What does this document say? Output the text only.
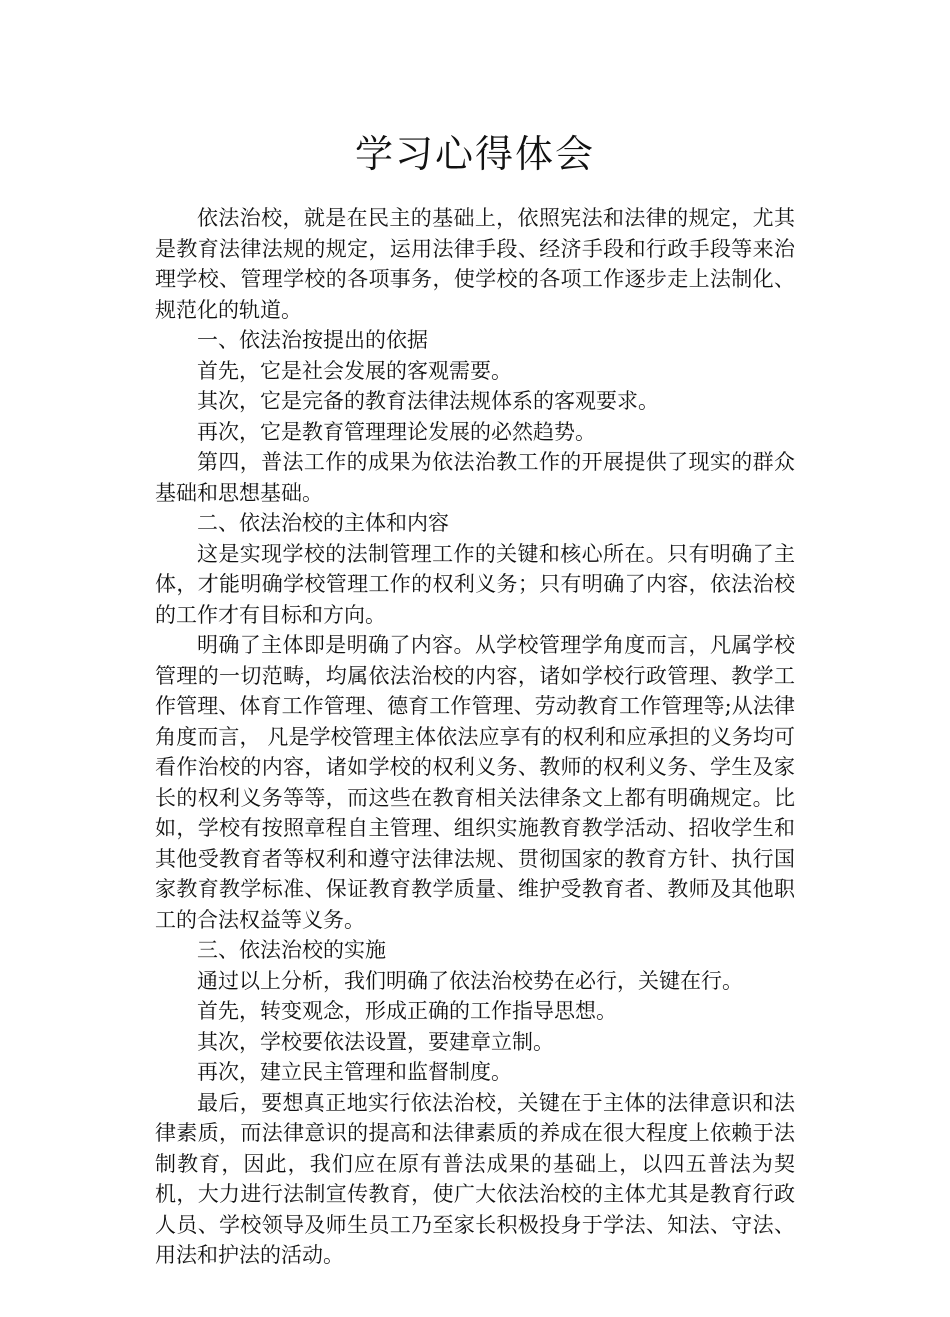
学习心得体会

依法治校，就是在民主的基础上，依照宪法和法律的规定，尤其是教育法律法规的规定，运用法律手段、经济手段和行政手段等来治理学校、管理学校的各项事务，使学校的各项工作逐步走上法制化、规范化的轨道。

一、依法治按提出的依据

首先，它是社会发展的客观需要。

其次，它是完备的教育法律法规体系的客观要求。

再次，它是教育管理理论发展的必然趋势。

第四，普法工作的成果为依法治教工作的开展提供了现实的群众基础和思想基础。

二、依法治校的主体和内容

这是实现学校的法制管理工作的关键和核心所在。只有明确了主体，才能明确学校管理工作的权利义务；只有明确了内容，依法治校的工作才有目标和方向。

明确了主体即是明确了内容。从学校管理学角度而言，凡属学校管理的一切范畴，均属依法治校的内容，诸如学校行政管理、教学工作管理、体育工作管理、德育工作管理、劳动教育工作管理等;从法律角度而言， 凡是学校管理主体依法应享有的权利和应承担的义务均可看作治校的内容，诸如学校的权利义务、教师的权利义务、学生及家长的权利义务等等，而这些在教育相关法律条文上都有明确规定。比如，学校有按照章程自主管理、组织实施教育教学活动、招收学生和其他受教育者等权利和遵守法律法规、贯彻国家的教育方针、执行国家教育教学标准、保证教育教学质量、维护受教育者、教师及其他职工的合法权益等义务。

三、依法治校的实施

通过以上分析，我们明确了依法治校势在必行，关键在行。

首先，转变观念，形成正确的工作指导思想。

其次，学校要依法设置，要建章立制。

再次，建立民主管理和监督制度。

最后，要想真正地实行依法治校，关键在于主体的法律意识和法律素质，而法律意识的提高和法律素质的养成在很大程度上依赖于法制教育，因此，我们应在原有普法成果的基础上，以四五普法为契机，大力进行法制宣传教育，使广大依法治校的主体尤其是教育行政人员、学校领导及师生员工乃至家长积极投身于学法、知法、守法、用法和护法的活动。
